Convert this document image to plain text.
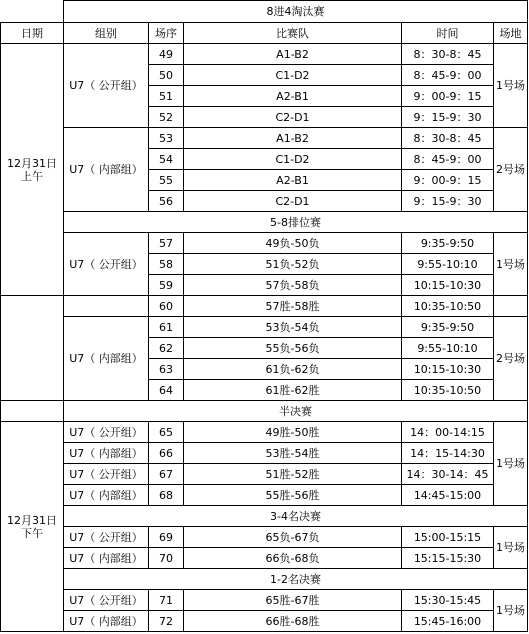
	8进4淘汰赛				
日期	组别	场序	比赛队	时间	场地
12月31日
上午	U7（ 公开组）	49	A1-B2	8：30-8：45	1号场
		50	C1-D2	8：45-9：00	
		51	A2-B1	9：00-9：15	
		52	C2-D1	9：15-9：30	
	U7（ 内部组）	53	A1-B2	8：30-8：45	2号场
		54	C1-D2	8：45-9：00	
		55	A2-B1	9：00-9：15	
		56	C2-D1	9：15-9：30	
	5-8排位赛				
	U7（ 公开组）	57	49负-50负	9:35-9:50	1号场
		58	51负-52负	9:55-10:10	
		59	57负-58负	10:15-10:30	
		60	57胜-58胜	10:35-10:50	
	U7（ 内部组）	61	53负-54负	9:35-9:50	2号场
		62	55负-56负	9:55-10:10	
		63	61负-62负	10:15-10:30	
		64	61胜-62胜	10:35-10:50	
	半决赛				
12月31日
下午	U7（ 公开组）	65	49胜-50胜	14：00-14:15	1号场
	U7（ 内部组）	66	53胜-54胜	14：15-14:30	
	U7（ 公开组）	67	51胜-52胜	14：30-14：45	
	U7（ 内部组）	68	55胜-56胜	14:45-15:00	
	3-4名决赛				
	U7（ 公开组）	69	65负-67负	15:00-15:15	1号场
	U7（ 内部组）	70	66负-68负	15:15-15:30	
	1-2名决赛				
	U7（ 公开组）	71	65胜-67胜	15:30-15:45	1号场
	U7（ 内部组）	72	66胜-68胜	15:45-16:00	
